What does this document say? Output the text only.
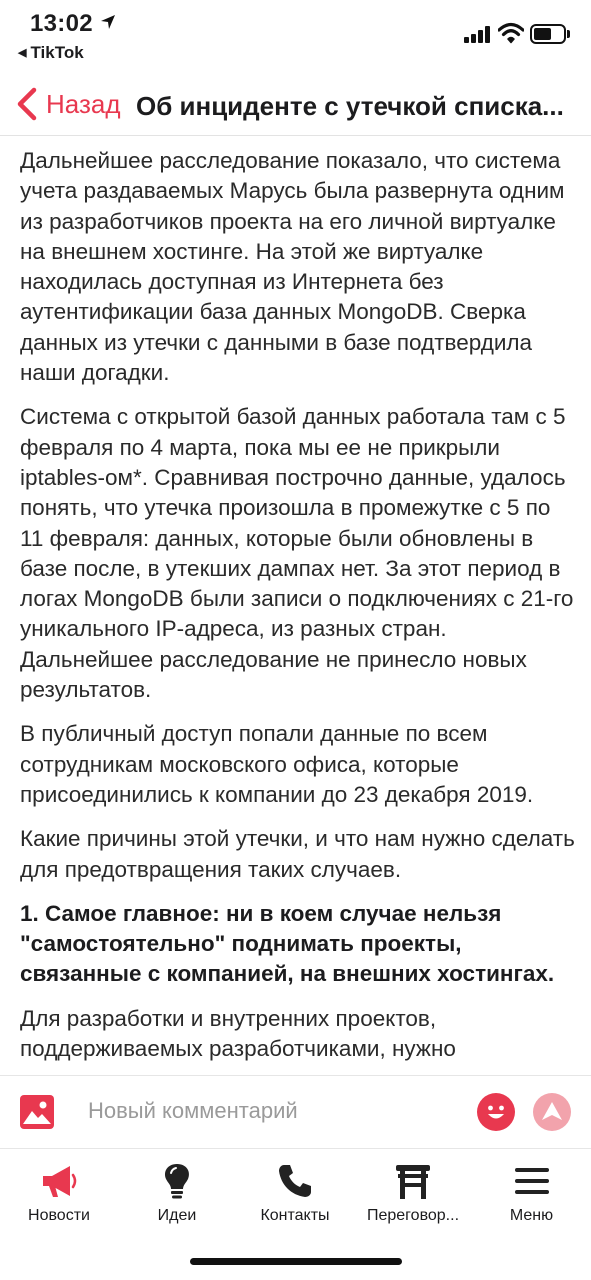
13:02
◀ TikTok
Назад Об инциденте с утечкой списка...

Дальнейшее расследование показало, что система учета раздаваемых Марусь была развернута одним из разработчиков проекта на его личной виртуалке на внешнем хостинге. На этой же виртуалке находилась доступная из Интернета без аутентификации база данных MongoDB. Сверка данных из утечки с данными в базе подтвердила наши догадки.

Система с открытой базой данных работала там с 5 февраля по 4 марта, пока мы ее не прикрыли iptables-ом*. Сравнивая построчно данные, удалось понять, что утечка произошла в промежутке с 5 по 11 февраля: данных, которые были обновлены в базе после, в утекших дампах нет. За этот период в логах MongoDB были записи о подключениях с 21-го уникального IP-адреса, из разных стран. Дальнейшее расследование не принесло новых результатов.

В публичный доступ попали данные по всем сотрудникам московского офиса, которые присоединились к компании до 23 декабря 2019.

Какие причины этой утечки, и что нам нужно сделать для предотвращения таких случаев.

1. Самое главное: ни в коем случае нельзя "самостоятельно" поднимать проекты, связанные с компанией, на внешних хостингах.

Для разработки и внутренних проектов, поддерживаемых разработчиками, нужно

Новый комментарий
Новости	Идеи	Контакты	Переговор...	Меню
